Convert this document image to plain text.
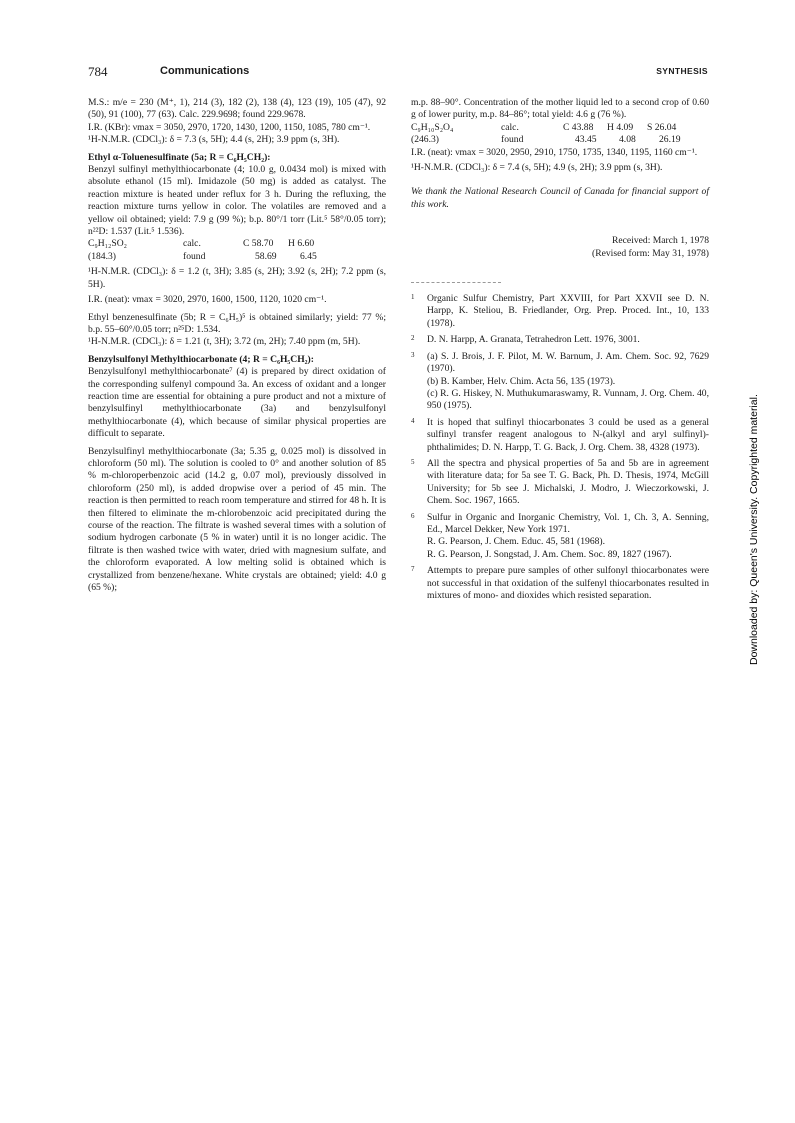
784	Communications	SYNTHESIS

M.S.: m/e = 230 (M⁺, 1), 214 (3), 182 (2), 138 (4), 123 (19), 105 (47), 92 (50), 91 (100), 77 (63). Calc. 229.9698; found 229.9678.

I.R. (KBr): νmax = 3050, 2970, 1720, 1430, 1200, 1150, 1085, 780 cm⁻¹.

¹H-N.M.R. (CDCl₃): δ = 7.3 (s, 5H); 4.4 (s, 2H); 3.9 ppm (s, 3H).

Ethyl α-Toluenesulfinate (5a; R = C₆H₅CH₂):

Benzyl sulfinyl methylthiocarbonate (4; 10.0 g, 0.0434 mol) is mixed with absolute ethanol (15 ml). Imidazole (50 mg) is added as catalyst. The reaction mixture is heated under reflux for 3 h. During the refluxing, the reaction mixture turns yellow in color. The volatiles are removed and a yellow oil obtained; yield: 7.9 g (99 %); b.p. 80°/1 torr (Lit.⁵ 58°/0.05 torr); n²²D: 1.537 (Lit.⁵ 1.536).

C₉H₁₂SO₂	calc.	C 58.70	H 6.60
(184.3)	found	58.69	6.45

¹H-N.M.R. (CDCl₃): δ = 1.2 (t, 3H); 3.85 (s, 2H); 3.92 (s, 2H); 7.2 ppm (s, 5H).

I.R. (neat): νmax = 3020, 2970, 1600, 1500, 1120, 1020 cm⁻¹.

Ethyl benzenesulfinate (5b; R = C₆H₅)⁵ is obtained similarly; yield: 77 %; b.p. 55–60°/0.05 torr; n²⁵D: 1.534.

¹H-N.M.R. (CDCl₃): δ = 1.21 (t, 3H); 3.72 (m, 2H); 7.40 ppm (m, 5H).

Benzylsulfonyl Methylthiocarbonate (4; R = C₆H₅CH₂):

Benzylsulfonyl methylthiocarbonate⁷ (4) is prepared by direct oxidation of the corresponding sulfenyl compound 3a. An excess of oxidant and a longer reaction time are essential for obtaining a pure product and not a mixture of benzylsulfinyl methylthiocarbonate (3a) and benzylsulfonyl methylthiocarbonate (4), which because of similar physical properties are difficult to separate.

Benzylsulfinyl methylthiocarbonate (3a; 5.35 g, 0.025 mol) is dissolved in chloroform (50 ml). The solution is cooled to 0° and another solution of 85 % m-chloroperbenzoic acid (14.2 g, 0.07 mol), previously dissolved in chloroform (250 ml), is added dropwise over a period of 45 min. The reaction is then permitted to reach room temperature and stirred for 48 h. It is then filtered to eliminate the m-chlorobenzoic acid precipitated during the course of the reaction. The filtrate is washed several times with a solution of sodium hydrogen carbonate (5 % in water) until it is no longer acidic. The filtrate is then washed twice with water, dried with magnesium sulfate, and the chloroform evaporated. A low melting solid is obtained which is crystallized from benzene/hexane. White crystals are obtained; yield: 4.0 g (65 %);

m.p. 88–90°. Concentration of the mother liquid led to a second crop of 0.60 g of lower purity, m.p. 84–86°; total yield: 4.6 g (76 %).

C₉H₁₀S₂O₄	calc.	C 43.88	H 4.09	S 26.04
(246.3)	found	43.45	4.08	26.19

I.R. (neat): νmax = 3020, 2950, 2910, 1750, 1735, 1340, 1195, 1160 cm⁻¹.

¹H-N.M.R. (CDCl₃): δ = 7.4 (s, 5H); 4.9 (s, 2H); 3.9 ppm (s, 3H).

We thank the National Research Council of Canada for financial support of this work.

Received: March 1, 1978
(Revised form: May 31, 1978)
1 Organic Sulfur Chemistry, Part XXVIII, for Part XXVII see D. N. Harpp, K. Steliou, B. Friedlander, Org. Prep. Proced. Int., 10, 133 (1978).
2 D. N. Harpp, A. Granata, Tetrahedron Lett. 1976, 3001.
3 (a) S. J. Brois, J. F. Pilot, M. W. Barnum, J. Am. Chem. Soc. 92, 7629 (1970).
(b) B. Kamber, Helv. Chim. Acta 56, 135 (1973).
(c) R. G. Hiskey, N. Muthukumaraswamy, R. Vunnam, J. Org. Chem. 40, 950 (1975).
4 It is hoped that sulfinyl thiocarbonates 3 could be used as a general sulfinyl transfer reagent analogous to N-(alkyl and aryl sulfinyl)-phthalimides; D. N. Harpp, T. G. Back, J. Org. Chem. 38, 4328 (1973).
5 All the spectra and physical properties of 5a and 5b are in agreement with literature data; for 5a see T. G. Back, Ph. D. Thesis, 1974, McGill University; for 5b see J. Michalski, J. Modro, J. Wieczorkowski, J. Chem. Soc. 1967, 1665.
6 Sulfur in Organic and Inorganic Chemistry, Vol. 1, Ch. 3, A. Senning, Ed., Marcel Dekker, New York 1971.
R. G. Pearson, J. Chem. Educ. 45, 581 (1968).
R. G. Pearson, J. Songstad, J. Am. Chem. Soc. 89, 1827 (1967).
7 Attempts to prepare pure samples of other sulfonyl thiocarbonates were not successful in that oxidation of the sulfenyl thiocarbonates resulted in mixtures of mono- and dioxides which resisted separation.	Downloaded by: Queen's University. Copyrighted material.
